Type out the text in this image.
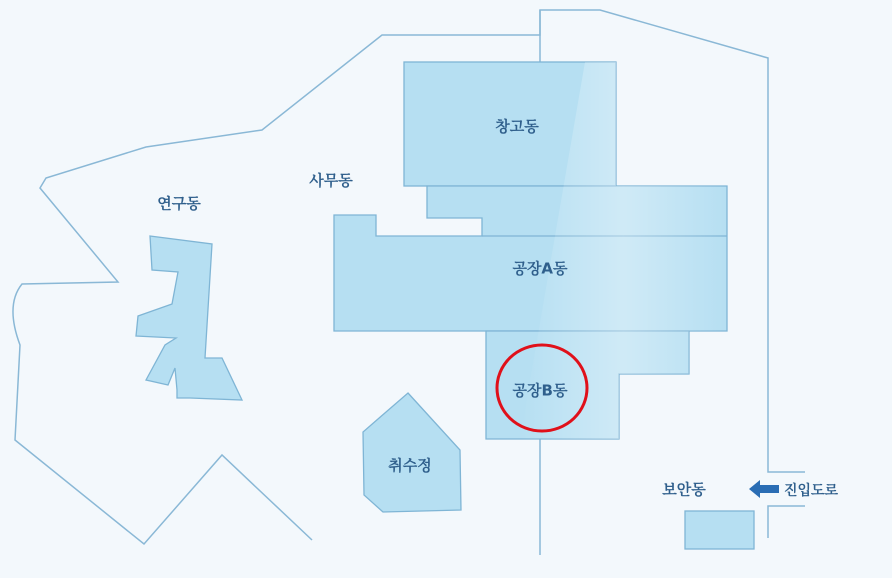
창고동
사무동
연구동
공장A동
공장B동
취수정
보안동	진입도로
